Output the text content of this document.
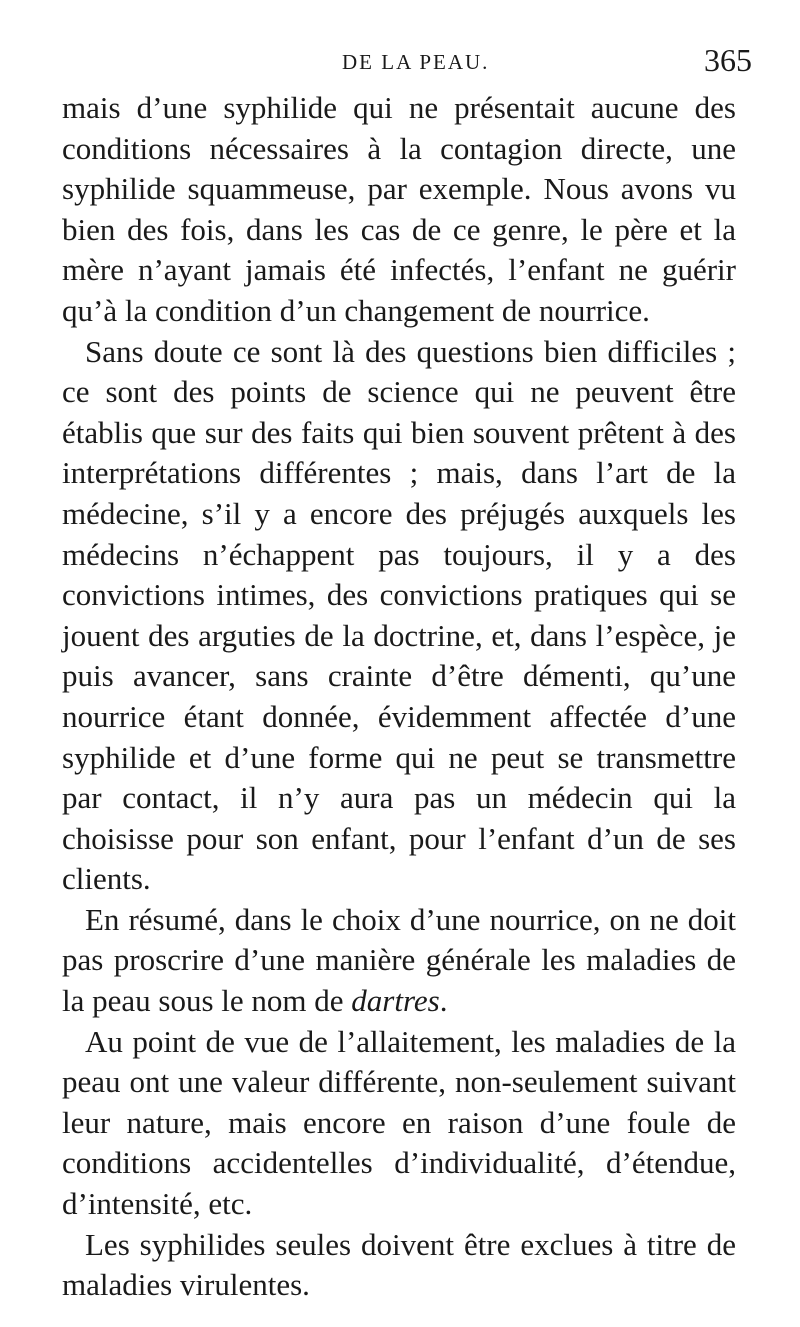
DE LA PEAU.	365

mais d’une syphilide qui ne présentait aucune des conditions nécessaires à la contagion directe, une syphilide squammeuse, par exemple. Nous avons vu bien des fois, dans les cas de ce genre, le père et la mère n’ayant jamais été infectés, l’enfant ne guérir qu’à la condition d’un changement de nourrice.

Sans doute ce sont là des questions bien difficiles ; ce sont des points de science qui ne peuvent être établis que sur des faits qui bien souvent prêtent à des interprétations différentes ; mais, dans l’art de la médecine, s’il y a encore des préjugés auxquels les médecins n’échappent pas toujours, il y a des convictions intimes, des convictions pratiques qui se jouent des arguties de la doctrine, et, dans l’espèce, je puis avancer, sans crainte d’être démenti, qu’une nourrice étant donnée, évidemment affectée d’une syphilide et d’une forme qui ne peut se transmettre par contact, il n’y aura pas un médecin qui la choisisse pour son enfant, pour l’enfant d’un de ses clients.

En résumé, dans le choix d’une nourrice, on ne doit pas proscrire d’une manière générale les maladies de la peau sous le nom de dartres.

Au point de vue de l’allaitement, les maladies de la peau ont une valeur différente, non-seulement suivant leur nature, mais encore en raison d’une foule de conditions accidentelles d’individualité, d’étendue, d’intensité, etc.

Les syphilides seules doivent être exclues à titre de maladies virulentes.
